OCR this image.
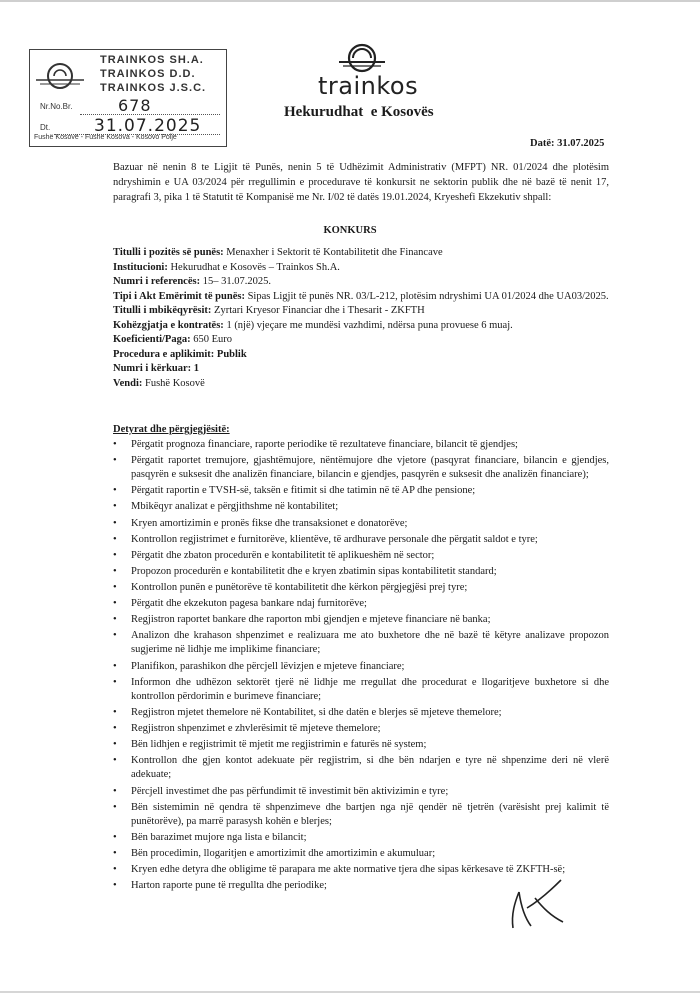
TRAINKOS SH.A.
TRAINKOS D.D.
TRAINKOS J.S.C.
Nr.No.Br.	678
Dt.	31.07.2025
Fushë Kosovë - Fushe Kosova - Kosovo Polje
trainkos
Hekurudhat  e Kosovës
Datë: 31.07.2025
Bazuar në nenin 8 te Ligjit të Punës, nenin 5 të Udhëzimit Administrativ (MFPT) NR. 01/2024 dhe plotësim ndryshimin e UA 03/2024 për rregullimin e procedurave të konkursit ne sektorin publik dhe në bazë të nenit 17, paragrafi 3, pika 1 të Statutit të Kompanisë me Nr. I/02 të datës 19.01.2024, Kryeshefi Ekzekutiv shpall:
KONKURS
Titulli i pozitës së punës: Menaxher i Sektorit të Kontabilitetit dhe Financave
Institucioni: Hekurudhat e Kosovës – Trainkos Sh.A.
Numri i referencës: 15– 31.07.2025.
Tipi i Akt Emërimit të punës: Sipas Ligjit të punës NR. 03/L-212, plotësim ndryshimi UA 01/2024 dhe UA03/2025.
Titulli i mbikëqyrësit: Zyrtari Kryesor Financiar dhe i Thesarit - ZKFTH
Kohëzgjatja e kontratës: 1 (një) vjeçare me mundësi vazhdimi, ndërsa puna provuese 6 muaj.
Koeficienti/Paga: 650 Euro
Procedura e aplikimit: Publik
Numri i kërkuar: 1
Vendi: Fushë Kosovë
Detyrat dhe përgjegjësitë:
• Përgatit prognoza financiare, raporte periodike të rezultateve financiare, bilancit të gjendjes;
• Përgatit raportet tremujore, gjashtëmujore, nëntëmujore dhe vjetore (pasqyrat financiare, bilancin e gjendjes, pasqyrën e suksesit dhe analizën financiare, bilancin e gjendjes, pasqyrën e suksesit dhe analizën financiare);
• Përgatit raportin e TVSH-së, taksën e fitimit si dhe tatimin në të AP dhe pensione;
• Mbikëqyr analizat e përgjithshme në kontabilitet;
• Kryen amortizimin e pronës fikse dhe transaksionet e donatorëve;
• Kontrollon regjistrimet e furnitorëve, klientëve, të ardhurave personale dhe përgatit saldot e tyre;
• Përgatit dhe zbaton procedurën e kontabilitetit të aplikueshëm në sector;
• Propozon procedurën e kontabilitetit dhe e kryen zbatimin sipas kontabilitetit standard;
• Kontrollon punën e punëtorëve të kontabilitetit dhe kërkon përgjegjësi prej tyre;
• Përgatit dhe ekzekuton pagesa bankare ndaj furnitorëve;
• Regjistron raportet bankare dhe raporton mbi gjendjen e mjeteve financiare në banka;
• Analizon dhe krahason shpenzimet e realizuara me ato buxhetore dhe në bazë të këtyre analizave propozon sugjerime në lidhje me implikime financiare;
• Planifikon, parashikon dhe përcjell lëvizjen e mjeteve financiare;
• Informon dhe udhëzon sektorët tjerë në lidhje me rregullat dhe procedurat e llogaritjeve buxhetore si dhe kontrollon përdorimin e burimeve financiare;
• Regjistron mjetet themelore në Kontabilitet, si dhe datën e blerjes së mjeteve themelore;
• Regjistron shpenzimet e zhvlerësimit të mjeteve themelore;
• Bën lidhjen e regjistrimit të mjetit me regjistrimin e faturës në system;
• Kontrollon dhe gjen kontot adekuate për regjistrim, si dhe bën ndarjen e tyre në shpenzime deri në vlerë adekuate;
• Përcjell investimet dhe pas përfundimit të investimit bën aktivizimin e tyre;
• Bën sistemimin në qendra të shpenzimeve dhe bartjen nga një qendër në tjetrën (varësisht prej kalimit të punëtorëve), pa marrë parasysh kohën e blerjes;
• Bën barazimet mujore nga lista e bilancit;
• Bën procedimin, llogaritjen e amortizimit dhe amortizimin e akumuluar;
• Kryen edhe detyra dhe obligime të parapara me akte normative tjera dhe sipas kërkesave të ZKFTH-së;
• Harton raporte pune të rregullta dhe periodike;
